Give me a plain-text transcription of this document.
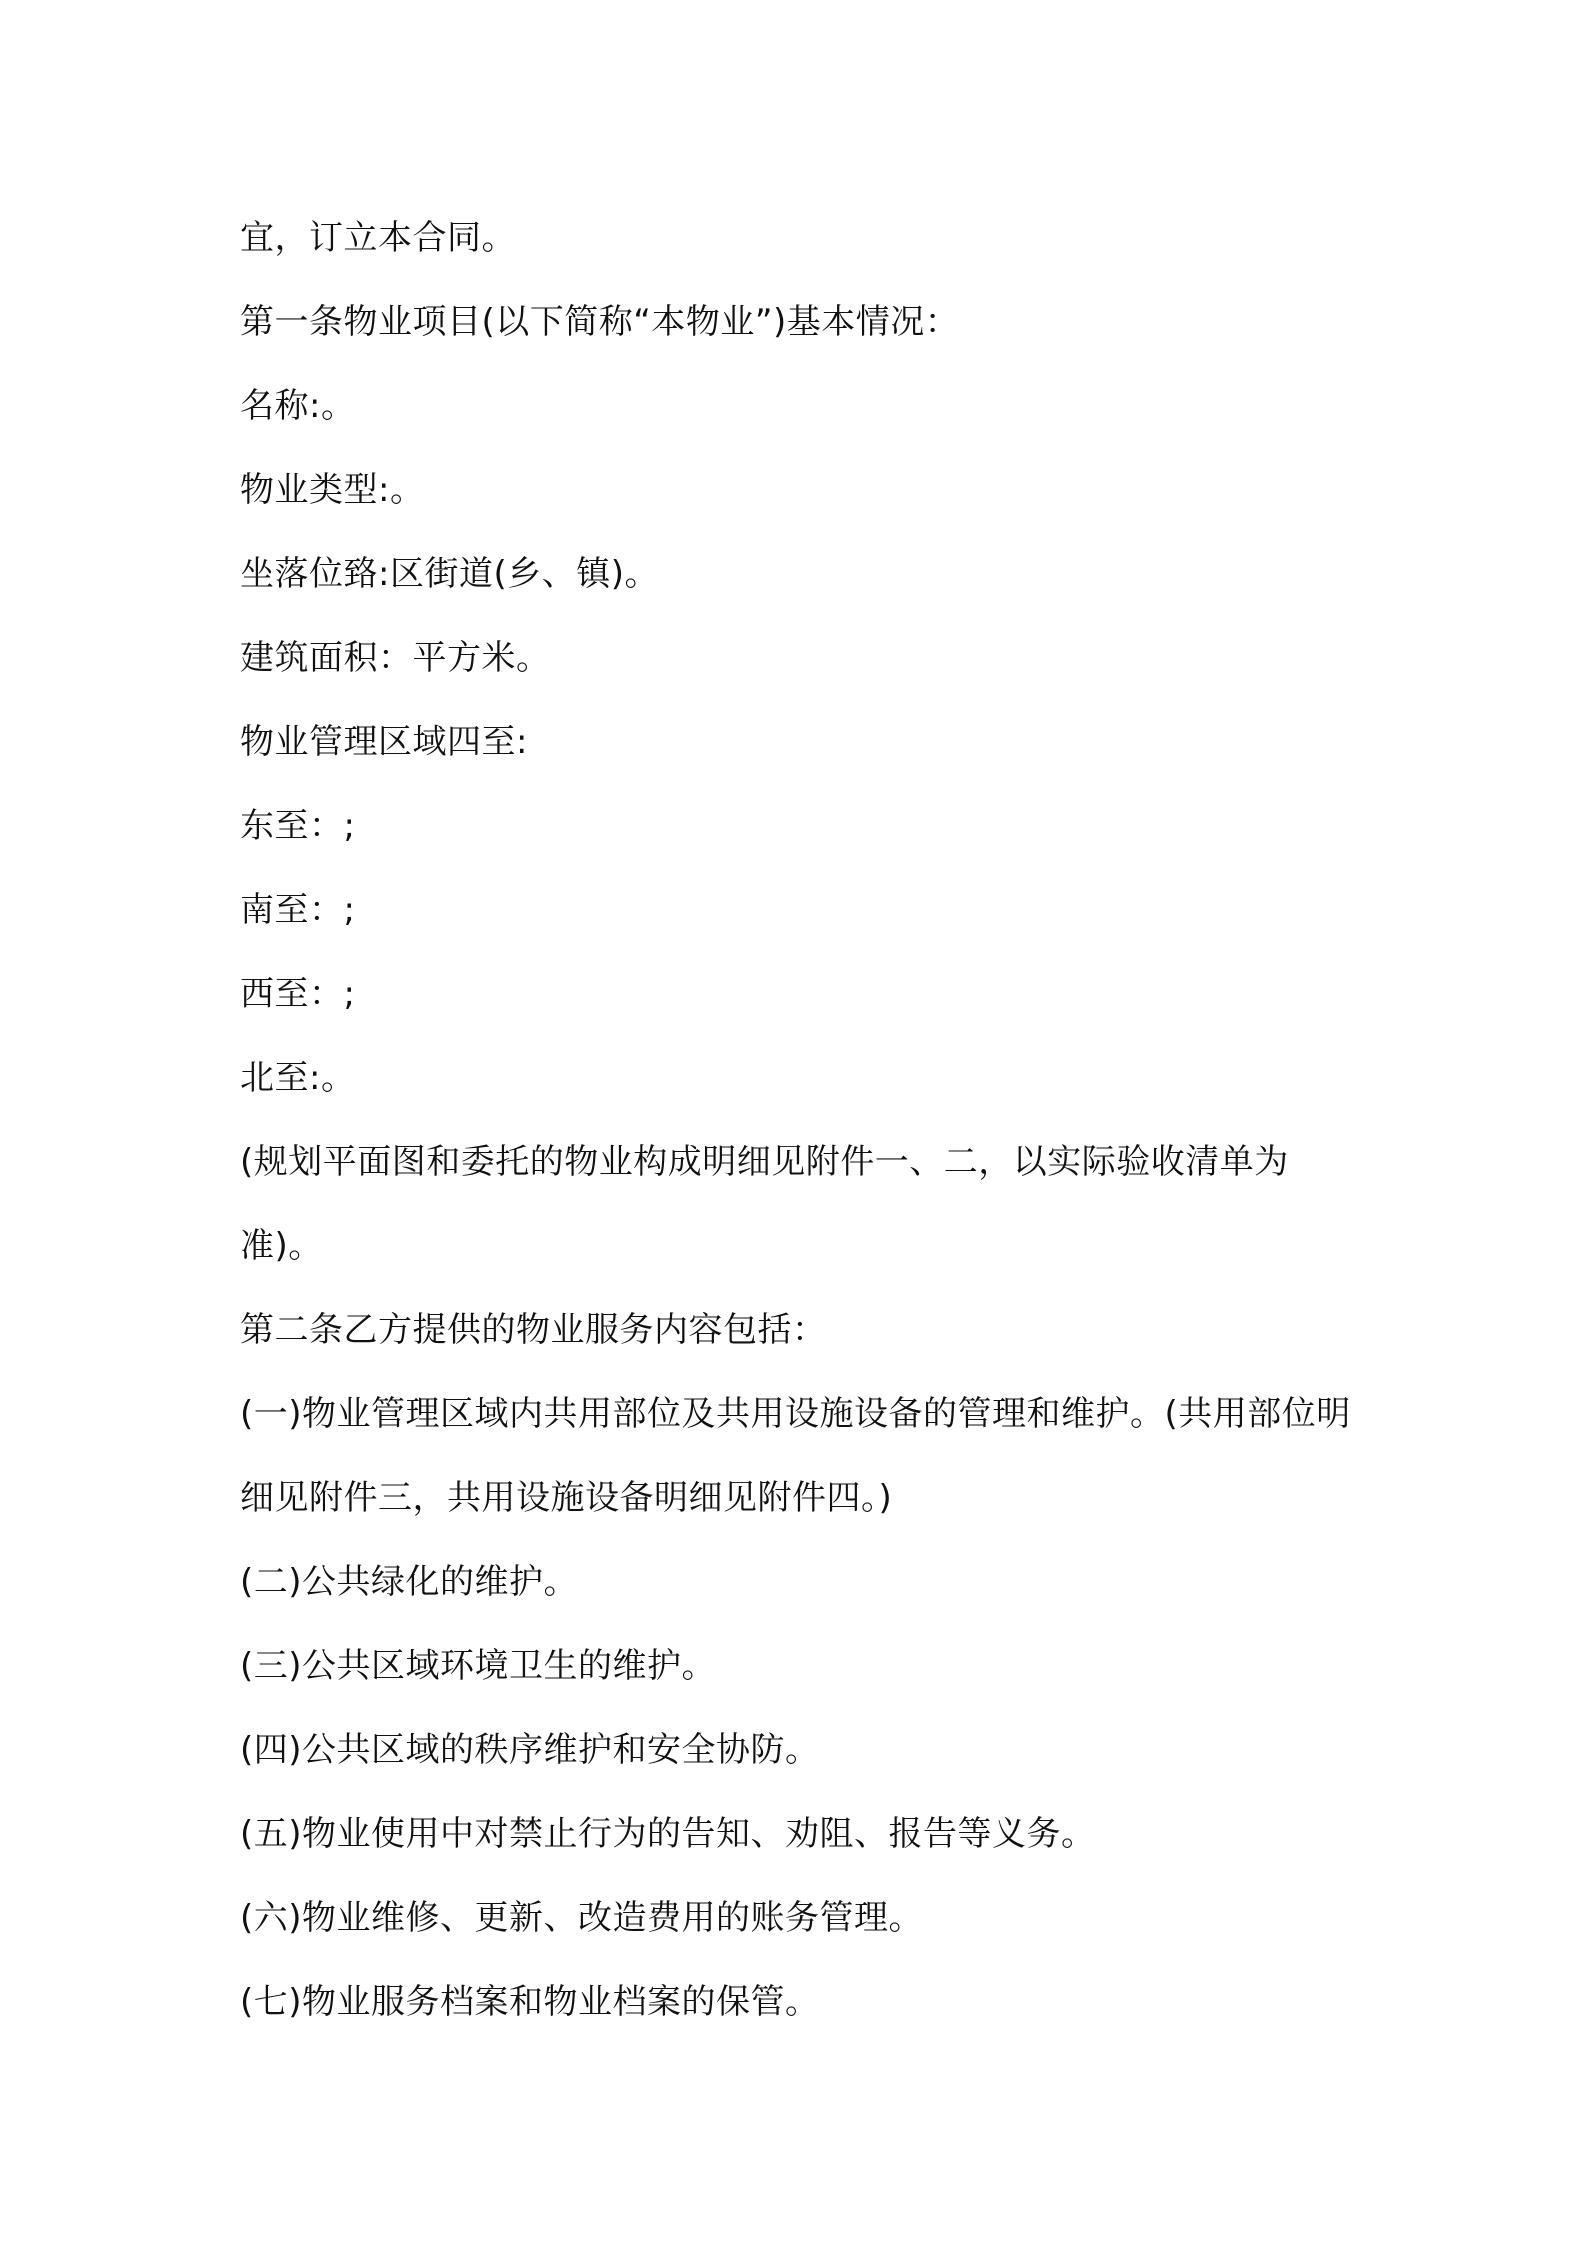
宜，订立本合同。

第一条物业项目(以下简称“本物业”)基本情况：

名称:。

物业类型:。

坐落位臵:区街道(乡、镇)。

建筑面积：平方米。

物业管理区域四至:

东至：;

南至：;

西至：;

北至:。

(规划平面图和委托的物业构成明细见附件一、二，以实际验收清单为准)。

第二条乙方提供的物业服务内容包括：

(一)物业管理区域内共用部位及共用设施设备的管理和维护。(共用部位明细见附件三，共用设施设备明细见附件四。)

(二)公共绿化的维护。

(三)公共区域环境卫生的维护。

(四)公共区域的秩序维护和安全协防。

(五)物业使用中对禁止行为的告知、劝阻、报告等义务。

(六)物业维修、更新、改造费用的账务管理。

(七)物业服务档案和物业档案的保管。
